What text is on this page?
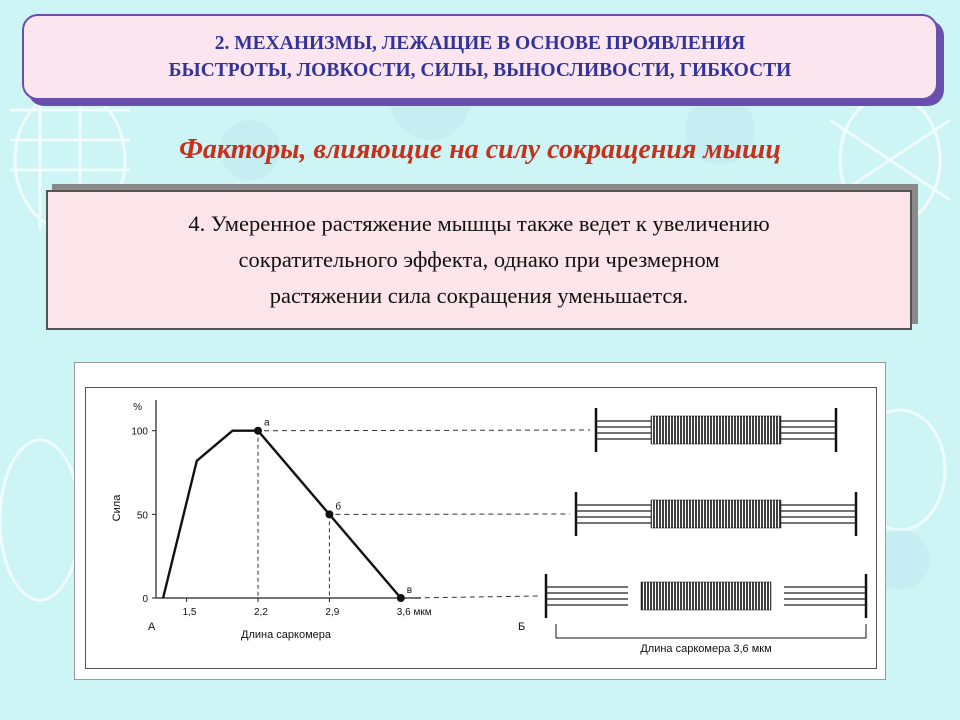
2. МЕХАНИЗМЫ, ЛЕЖАЩИЕ В ОСНОВЕ ПРОЯВЛЕНИЯ
БЫСТРОТЫ, ЛОВКОСТИ, СИЛЫ, ВЫНОСЛИВОСТИ, ГИБКОСТИ
Факторы, влияющие на силу сокращения мышц
4. Умеренное растяжение мышцы также ведет к увеличению
сократительного эффекта, однако при чрезмерном
растяжении сила сокращения уменьшается.
0
50
100
%
Сила
1,5	2,2	2,9	3,6 мкм
Длина саркомера
А
а
б
в
Длина саркомера 3,6 мкм
Б
